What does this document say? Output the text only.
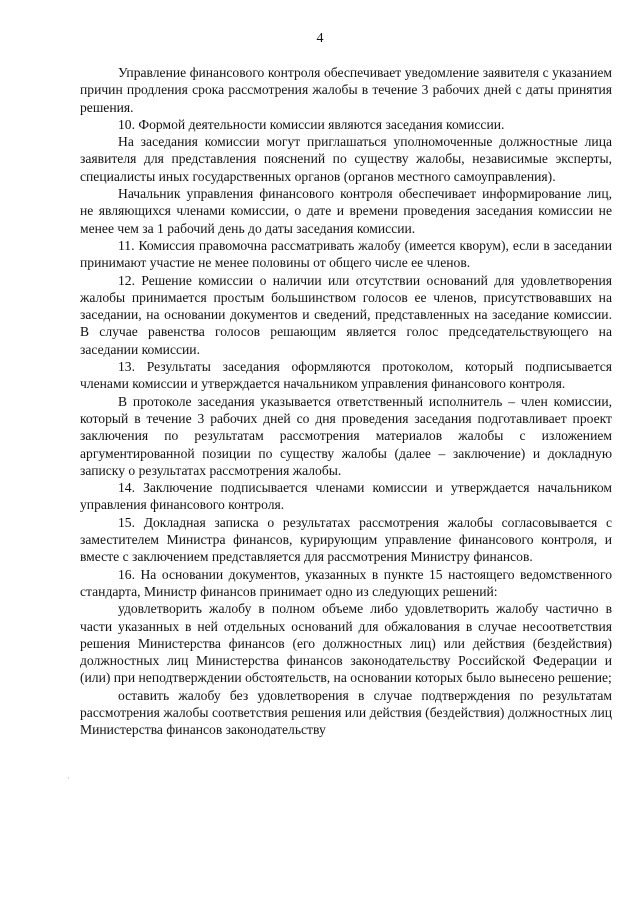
4

Управление финансового контроля обеспечивает уведомление заявителя с указанием причин продления срока рассмотрения жалобы в течение 3 рабочих дней с даты принятия решения.

10. Формой деятельности комиссии являются заседания комиссии.

На заседания комиссии могут приглашаться уполномоченные должностные лица заявителя для представления пояснений по существу жалобы, независимые эксперты, специалисты иных государственных органов (органов местного самоуправления).

Начальник управления финансового контроля обеспечивает информирование лиц, не являющихся членами комиссии, о дате и времени проведения заседания комиссии не менее чем за 1 рабочий день до даты заседания комиссии.

11. Комиссия правомочна рассматривать жалобу (имеется кворум), если в заседании принимают участие не менее половины от общего числе ее членов.

12. Решение комиссии о наличии или отсутствии оснований для удовлетворения жалобы принимается простым большинством голосов ее членов, присутствовавших на заседании, на основании документов и сведений, представленных на заседание комиссии. В случае равенства голосов решающим является голос председательствующего на заседании комиссии.

13. Результаты заседания оформляются протоколом, который подписывается членами комиссии и утверждается начальником управления финансового контроля.

В протоколе заседания указывается ответственный исполнитель – член комиссии, который в течение 3 рабочих дней со дня проведения заседания подготавливает проект заключения по результатам рассмотрения материалов жалобы с изложением аргументированной позиции по существу жалобы (далее – заключение) и докладную записку о результатах рассмотрения жалобы.

14. Заключение подписывается членами комиссии и утверждается начальником управления финансового контроля.

15. Докладная записка о результатах рассмотрения жалобы согласовывается с заместителем Министра финансов, курирующим управление финансового контроля, и вместе с заключением представляется для рассмотрения Министру финансов.

16. На основании документов, указанных в пункте 15 настоящего ведомственного стандарта, Министр финансов принимает одно из следующих решений:

удовлетворить жалобу в полном объеме либо удовлетворить жалобу частично в части указанных в ней отдельных оснований для обжалования в случае несоответствия решения Министерства финансов (его должностных лиц) или действия (бездействия) должностных лиц Министерства финансов законодательству Российской Федерации и (или) при неподтверждении обстоятельств, на основании которых было вынесено решение;

оставить жалобу без удовлетворения в случае подтверждения по результатам рассмотрения жалобы соответствия решения или действия (бездействия) должностных лиц Министерства финансов законодательству

·
